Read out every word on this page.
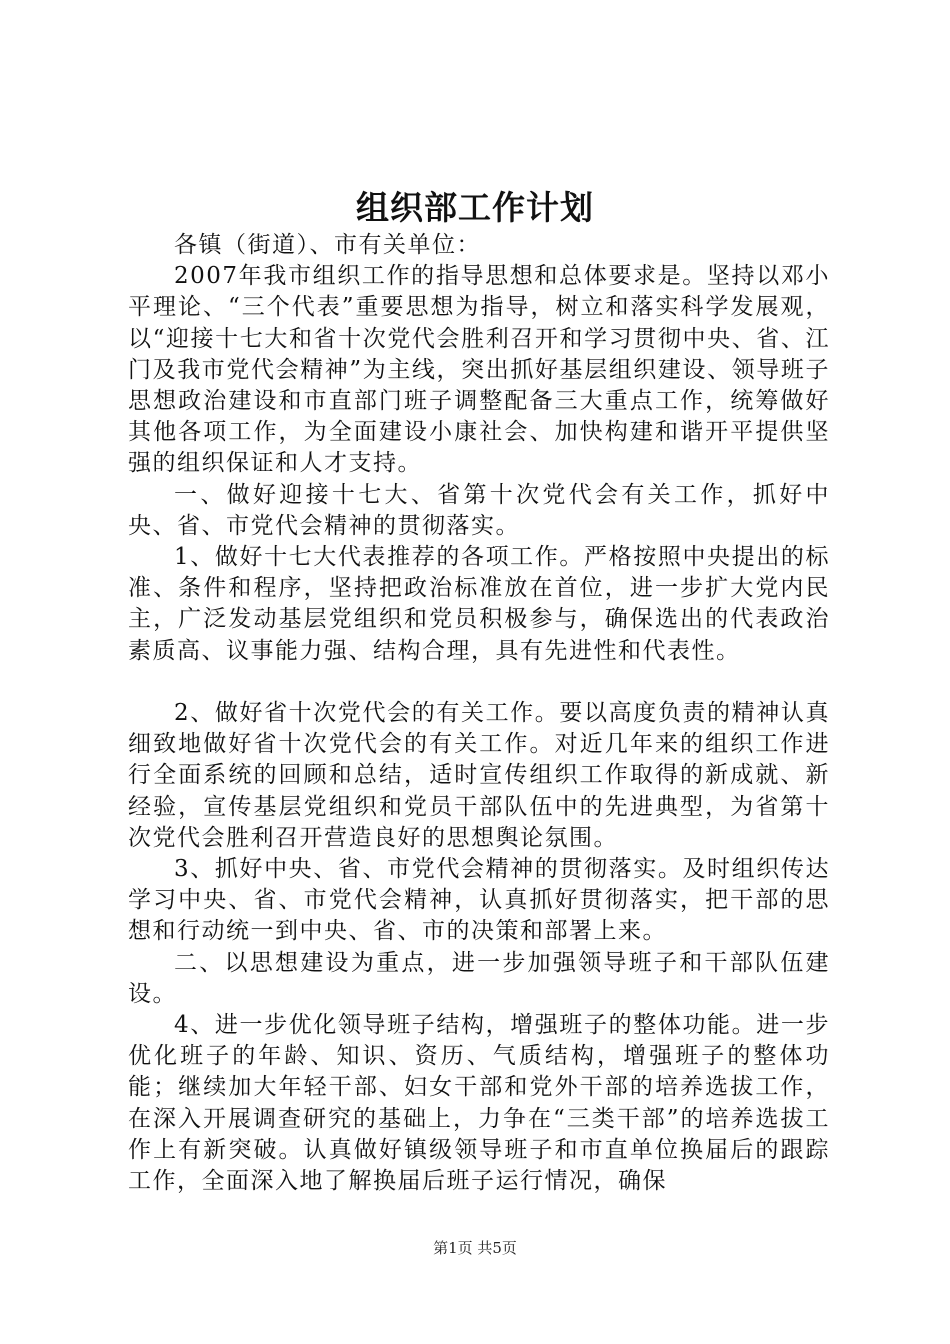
组织部工作计划

各镇（街道）、市有关单位：

2007年我市组织工作的指导思想和总体要求是。坚持以邓小平理论、“三个代表”重要思想为指导，树立和落实科学发展观，以“迎接十七大和省十次党代会胜利召开和学习贯彻中央、省、江门及我市党代会精神”为主线，突出抓好基层组织建设、领导班子思想政治建设和市直部门班子调整配备三大重点工作，统筹做好其他各项工作，为全面建设小康社会、加快构建和谐开平提供坚强的组织保证和人才支持。

一、做好迎接十七大、省第十次党代会有关工作，抓好中央、省、市党代会精神的贯彻落实。

1、做好十七大代表推荐的各项工作。严格按照中央提出的标准、条件和程序，坚持把政治标准放在首位，进一步扩大党内民主，广泛发动基层党组织和党员积极参与，确保选出的代表政治素质高、议事能力强、结构合理，具有先进性和代表性。

2、做好省十次党代会的有关工作。要以高度负责的精神认真细致地做好省十次党代会的有关工作。对近几年来的组织工作进行全面系统的回顾和总结，适时宣传组织工作取得的新成就、新经验，宣传基层党组织和党员干部队伍中的先进典型，为省第十次党代会胜利召开营造良好的思想舆论氛围。

3、抓好中央、省、市党代会精神的贯彻落实。及时组织传达学习中央、省、市党代会精神，认真抓好贯彻落实，把干部的思想和行动统一到中央、省、市的决策和部署上来。

二、以思想建设为重点，进一步加强领导班子和干部队伍建设。

4、进一步优化领导班子结构，增强班子的整体功能。进一步优化班子的年龄、知识、资历、气质结构，增强班子的整体功能；继续加大年轻干部、妇女干部和党外干部的培养选拔工作，在深入开展调查研究的基础上，力争在“三类干部”的培养选拔工作上有新突破。认真做好镇级领导班子和市直单位换届后的跟踪工作，全面深入地了解换届后班子运行情况，确保

第1页 共5页
